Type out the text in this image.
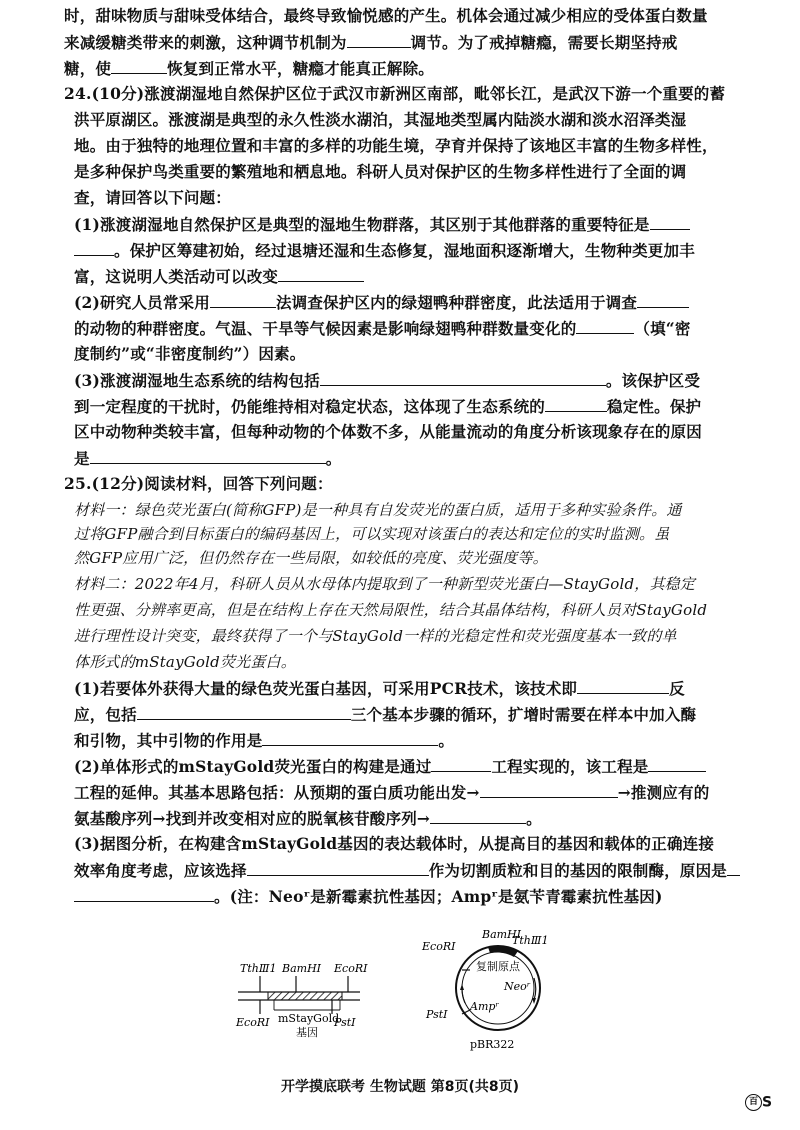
时，甜味物质与甜味受体结合，最终导致愉悦感的产生。机体会通过减少相应的受体蛋白数量
来减缓糖类带来的刺激，这种调节机制为	调节。为了戒掉糖瘾，需要长期坚持戒
糖，使	恢复到正常水平，糖瘾才能真正解除。
24.(10分)涨渡湖湿地自然保护区位于武汉市新洲区南部，毗邻长江，是武汉下游一个重要的蓄
洪平原湖区。涨渡湖是典型的永久性淡水湖泊，其湿地类型属内陆淡水湖和淡水沼泽类湿
地。由于独特的地理位置和丰富的多样的功能生境，孕育并保持了该地区丰富的生物多样性，
是多种保护鸟类重要的繁殖地和栖息地。科研人员对保护区的生物多样性进行了全面的调
查，请回答以下问题：
(1)涨渡湖湿地自然保护区是典型的湿地生物群落，其区别于其他群落的重要特征是
。保护区筹建初始，经过退塘还湿和生态修复，湿地面积逐渐增大，生物种类更加丰
富，这说明人类活动可以改变
(2)研究人员常采用	法调查保护区内的绿翅鸭种群密度，此法适用于调查
的动物的种群密度。气温、干旱等气候因素是影响绿翅鸭种群数量变化的	（填“密
度制约”或“非密度制约”）因素。
(3)涨渡湖湿地生态系统的结构包括	。该保护区受
到一定程度的干扰时，仍能维持相对稳定状态，这体现了生态系统的	稳定性。保护
区中动物种类较丰富，但每种动物的个体数不多，从能量流动的角度分析该现象存在的原因
是	。
25.(12分)阅读材料，回答下列问题：
材料一：绿色荧光蛋白(简称GFP)是一种具有自发荧光的蛋白质，适用于多种实验条件。通
过将GFP融合到目标蛋白的编码基因上，可以实现对该蛋白的表达和定位的实时监测。虽
然GFP应用广泛，但仍然存在一些局限，如较低的亮度、荧光强度等。
材料二：2022年4月，科研人员从水母体内提取到了一种新型荧光蛋白—StayGold，其稳定
性更强、分辨率更高，但是在结构上存在天然局限性，结合其晶体结构，科研人员对StayGold
进行理性设计突变，最终获得了一个与StayGold一样的光稳定性和荧光强度基本一致的单
体形式的mStayGold荧光蛋白。
(1)若要体外获得大量的绿色荧光蛋白基因，可采用PCR技术，该技术即	反
应，包括	三个基本步骤的循环，扩增时需要在样本中加入酶
和引物，其中引物的作用是	。
(2)单体形式的mStayGold荧光蛋白的构建是通过	工程实现的，该工程是
工程的延伸。其基本思路包括：从预期的蛋白质功能出发→	→推测应有的
氨基酸序列→找到并改变相对应的脱氧核苷酸序列→	。
(3)据图分析，在构建含mStayGold基因的表达载体时，从提高目的基因和载体的正确连接
效率角度考虑，应该选择	作为切割质粒和目的基因的限制酶，原因是
。(注：Neoʳ是新霉素抗性基因；Ampʳ是氨苄青霉素抗性基因)
TthⅢ1 BamHⅠ EcoRⅠ
EcoRⅠ mStayGold
基因
PstⅠ
BamHⅠ
EcoRⅠ	TthⅢ1
复制原点
Neoʳ
Ampʳ
PstⅠ
pBR322
开学摸底联考 生物试题 第8页(共8页)
百 S
